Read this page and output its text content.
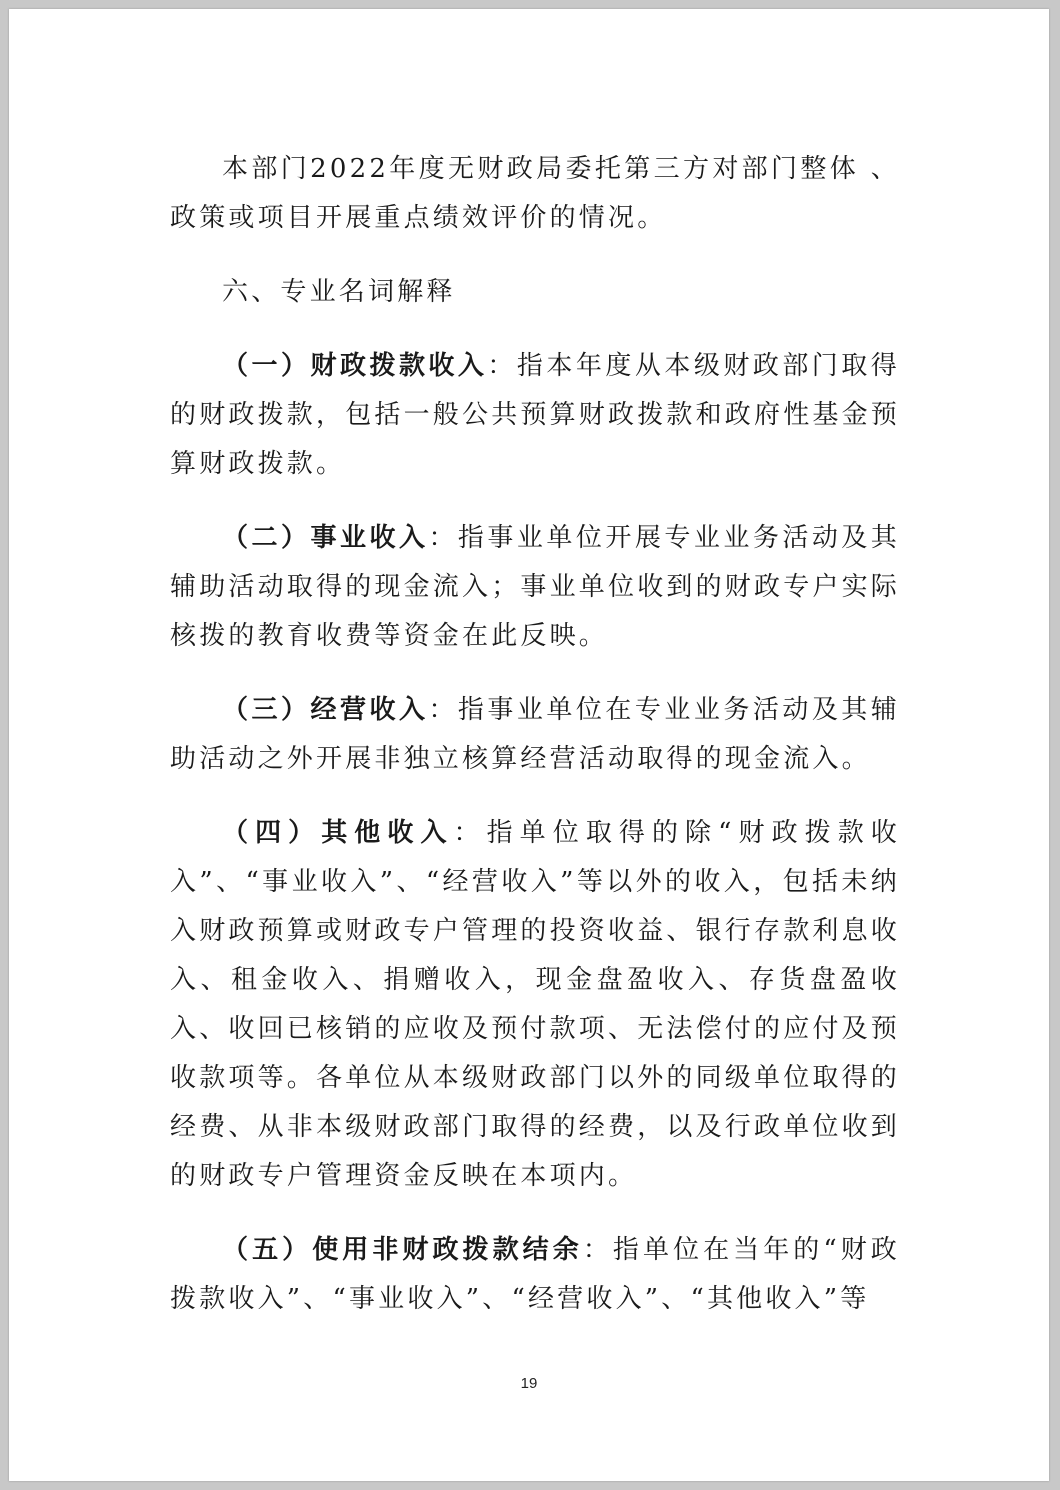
本部门2022年度无财政局委托第三方对部门整体 、政策或项目开展重点绩效评价的情况。

六、专业名词解释

（一）财政拨款收入：指本年度从本级财政部门取得的财政拨款，包括一般公共预算财政拨款和政府性基金预算财政拨款。

（二）事业收入：指事业单位开展专业业务活动及其辅助活动取得的现金流入；事业单位收到的财政专户实际核拨的教育收费等资金在此反映。

（三）经营收入：指事业单位在专业业务活动及其辅助活动之外开展非独立核算经营活动取得的现金流入。

（四）其他收入：指单位取得的除“财政拨款收入”、“事业收入”、“经营收入”等以外的收入，包括未纳入财政预算或财政专户管理的投资收益、银行存款利息收入、租金收入、捐赠收入，现金盘盈收入、存货盘盈收入、收回已核销的应收及预付款项、无法偿付的应付及预收款项等。各单位从本级财政部门以外的同级单位取得的经费、从非本级财政部门取得的经费，以及行政单位收到的财政专户管理资金反映在本项内。

（五）使用非财政拨款结余：指单位在当年的“财政拨款收入”、“事业收入”、“经营收入”、“其他收入”等

19
